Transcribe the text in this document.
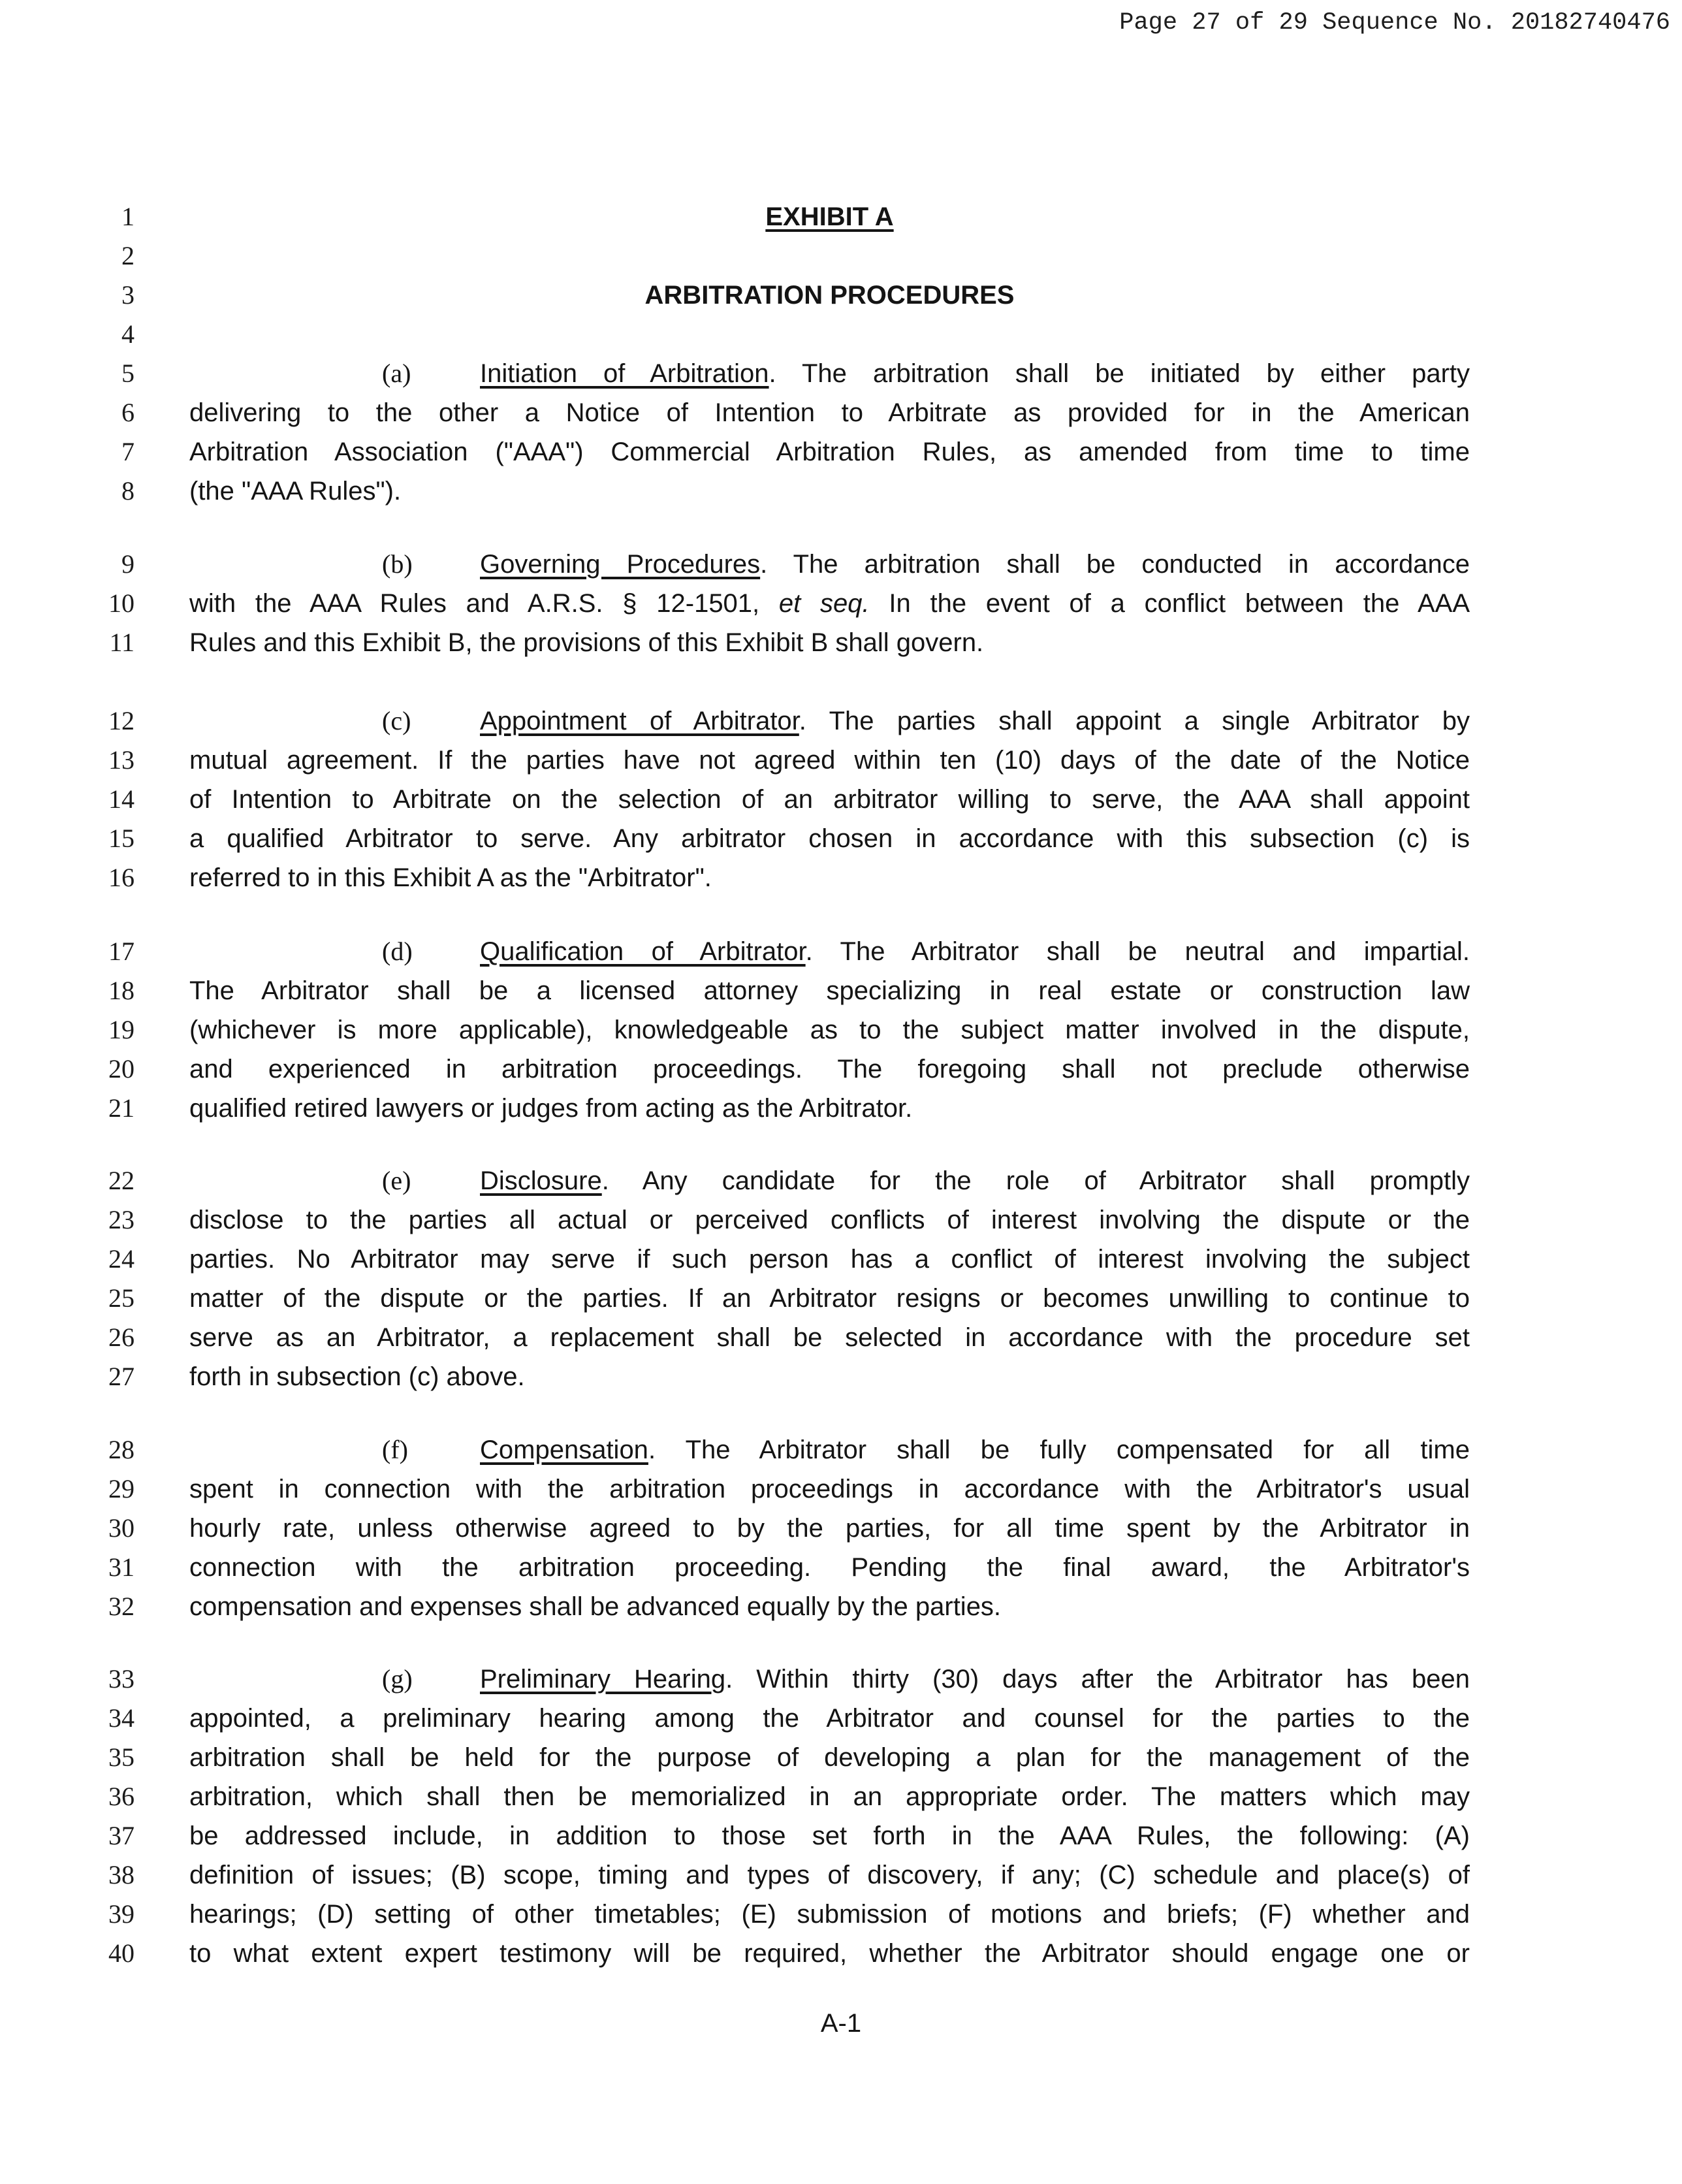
Page 27 of 29 Sequence No. 20182740476
1
2
3
4
5
6
7
8
9
10
11
12
13
14
15
16
17
18
19
20
21
22
23
24
25
26
27
28
29
30
31
32
33
34
35
36
37
38
39
40
EXHIBIT A
ARBITRATION PROCEDURES
(a)	Initiation of Arbitration. The arbitration shall be initiated by either party
delivering to the other a Notice of Intention to Arbitrate as provided for in the American
Arbitration Association ("AAA") Commercial Arbitration Rules, as amended from time to time
(the "AAA Rules").
(b)	Governing Procedures. The arbitration shall be conducted in accordance
with the AAA Rules and A.R.S. § 12-1501, et seq. In the event of a conflict between the AAA
Rules and this Exhibit B, the provisions of this Exhibit B shall govern.
(c)	Appointment of Arbitrator. The parties shall appoint a single Arbitrator by
mutual agreement. If the parties have not agreed within ten (10) days of the date of the Notice
of Intention to Arbitrate on the selection of an arbitrator willing to serve, the AAA shall appoint
a qualified Arbitrator to serve. Any arbitrator chosen in accordance with this subsection (c) is
referred to in this Exhibit A as the "Arbitrator".
(d)	Qualification of Arbitrator. The Arbitrator shall be neutral and impartial.
The Arbitrator shall be a licensed attorney specializing in real estate or construction law
(whichever is more applicable), knowledgeable as to the subject matter involved in the dispute,
and experienced in arbitration proceedings. The foregoing shall not preclude otherwise
qualified retired lawyers or judges from acting as the Arbitrator.
(e)	Disclosure. Any candidate for the role of Arbitrator shall promptly
disclose to the parties all actual or perceived conflicts of interest involving the dispute or the
parties. No Arbitrator may serve if such person has a conflict of interest involving the subject
matter of the dispute or the parties. If an Arbitrator resigns or becomes unwilling to continue to
serve as an Arbitrator, a replacement shall be selected in accordance with the procedure set
forth in subsection (c) above.
(f)	Compensation. The Arbitrator shall be fully compensated for all time
spent in connection with the arbitration proceedings in accordance with the Arbitrator's usual
hourly rate, unless otherwise agreed to by the parties, for all time spent by the Arbitrator in
connection with the arbitration proceeding. Pending the final award, the Arbitrator's
compensation and expenses shall be advanced equally by the parties.
(g)	Preliminary Hearing. Within thirty (30) days after the Arbitrator has been
appointed, a preliminary hearing among the Arbitrator and counsel for the parties to the
arbitration shall be held for the purpose of developing a plan for the management of the
arbitration, which shall then be memorialized in an appropriate order. The matters which may
be addressed include, in addition to those set forth in the AAA Rules, the following: (A)
definition of issues; (B) scope, timing and types of discovery, if any; (C) schedule and place(s) of
hearings; (D) setting of other timetables; (E) submission of motions and briefs; (F) whether and
to what extent expert testimony will be required, whether the Arbitrator should engage one or
A-1
